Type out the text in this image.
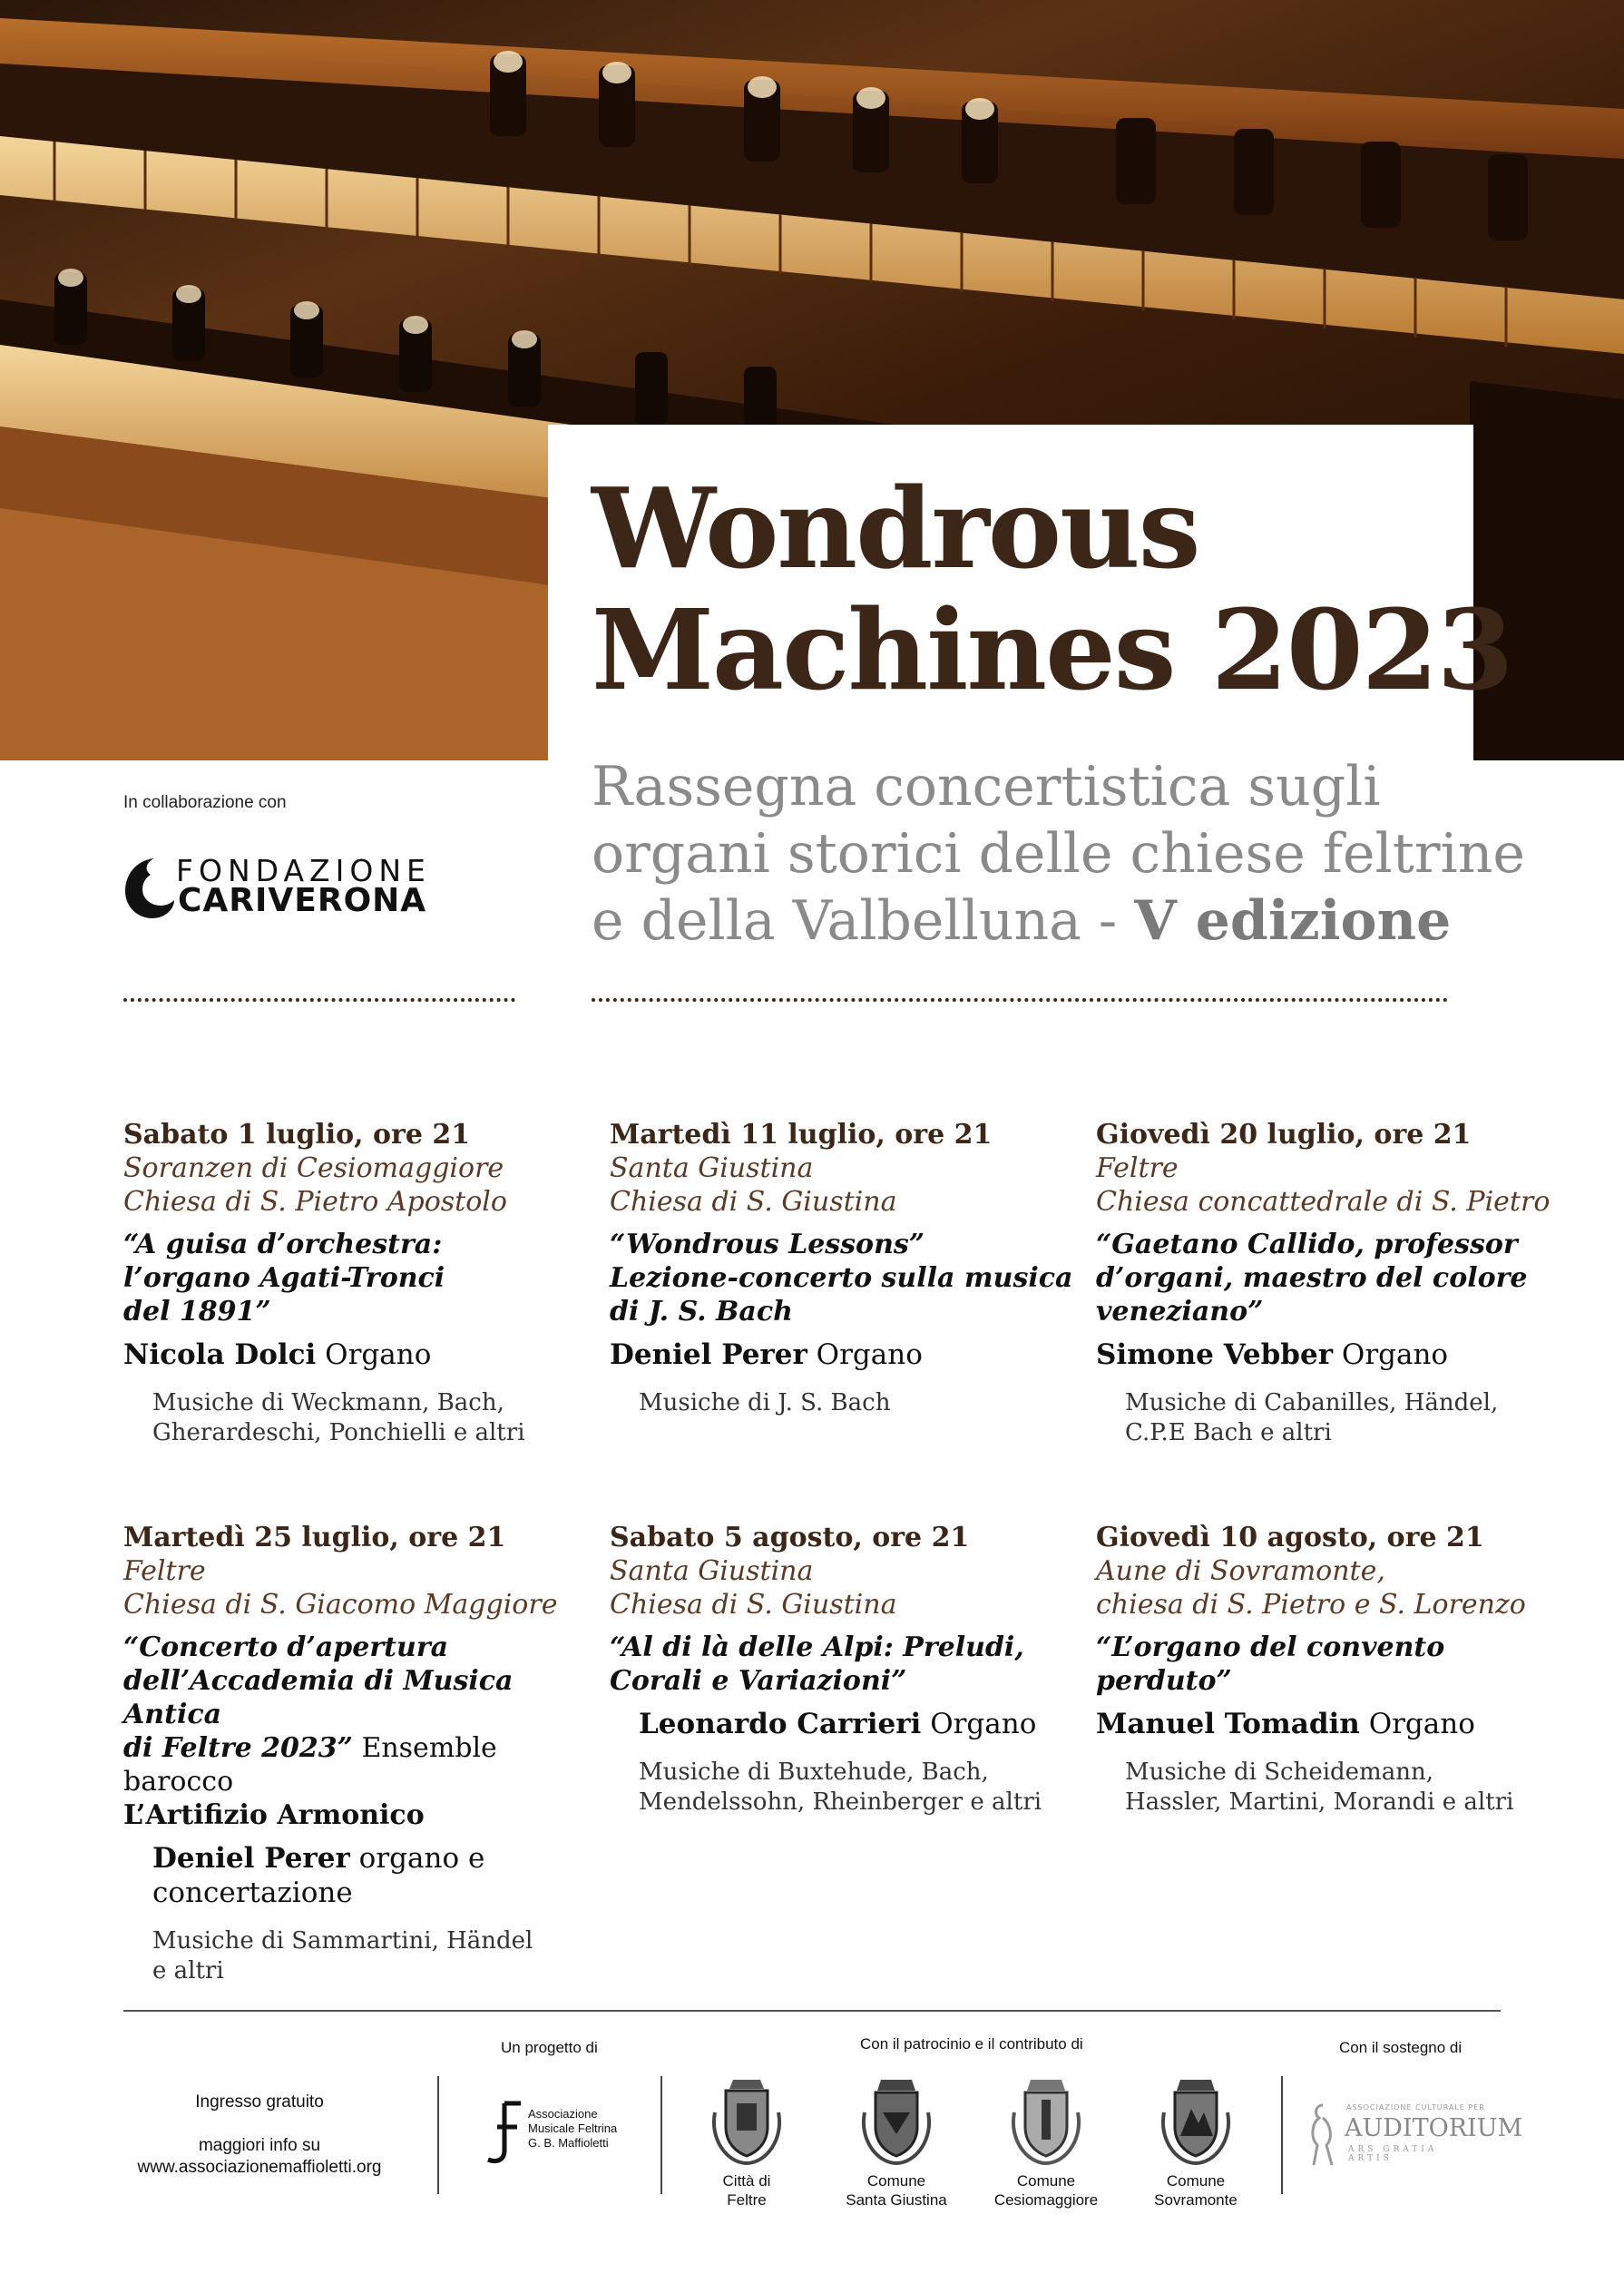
Wondrous
Machines 2023

Rassegna concertistica sugli
organi storici delle chiese feltrine
e della Valbelluna - V edizione

In collaborazione con
FONDAZIONE
CARIVERONA
Sabato 1 luglio, ore 21
Soranzen di Cesiomaggiore
Chiesa di S. Pietro Apostolo
“A guisa d’orchestra:
l’organo Agati-Tronci
del 1891”
Nicola Dolci Organo
Musiche di Weckmann, Bach,
Gherardeschi, Ponchielli e altri
Martedì 11 luglio, ore 21
Santa Giustina
Chiesa di S. Giustina
“Wondrous Lessons”
Lezione-concerto sulla musica
di J. S. Bach
Deniel Perer Organo
Musiche di J. S. Bach
Giovedì 20 luglio, ore 21
Feltre
Chiesa concattedrale di S. Pietro
“Gaetano Callido, professor
d’organi, maestro del colore
veneziano”
Simone Vebber Organo
Musiche di Cabanilles, Händel,
C.P.E Bach e altri
Martedì 25 luglio, ore 21
Feltre
Chiesa di S. Giacomo Maggiore
“Concerto d’apertura
dell’Accademia di Musica Antica
di Feltre 2023” Ensemble barocco
L’Artifizio Armonico
Deniel Perer organo e
concertazione
Musiche di Sammartini, Händel
e altri
Sabato 5 agosto, ore 21
Santa Giustina
Chiesa di S. Giustina
“Al di là delle Alpi: Preludi,
Corali e Variazioni”
Leonardo Carrieri Organo
Musiche di Buxtehude, Bach,
Mendelssohn, Rheinberger e altri
Giovedì 10 agosto, ore 21
Aune di Sovramonte,
chiesa di S. Pietro e S. Lorenzo
“L’organo del convento
perduto”
Manuel Tomadin Organo
Musiche di Scheidemann,
Hassler, Martini, Morandi e altri
Ingresso gratuito
maggiori info su
www.associazionemaffioletti.org
Un progetto di
Associazione
Musicale Feltrina
G. B. Maffioletti
Con il patrocinio e il contributo di
Città di
Feltre
Comune
Santa Giustina
Comune
Cesiomaggiore
Comune
Sovramonte
Con il sostegno di
ASSOCIAZIONE CULTURALE PER
AUDITORIUM
ARS GRATIA ARTIS
